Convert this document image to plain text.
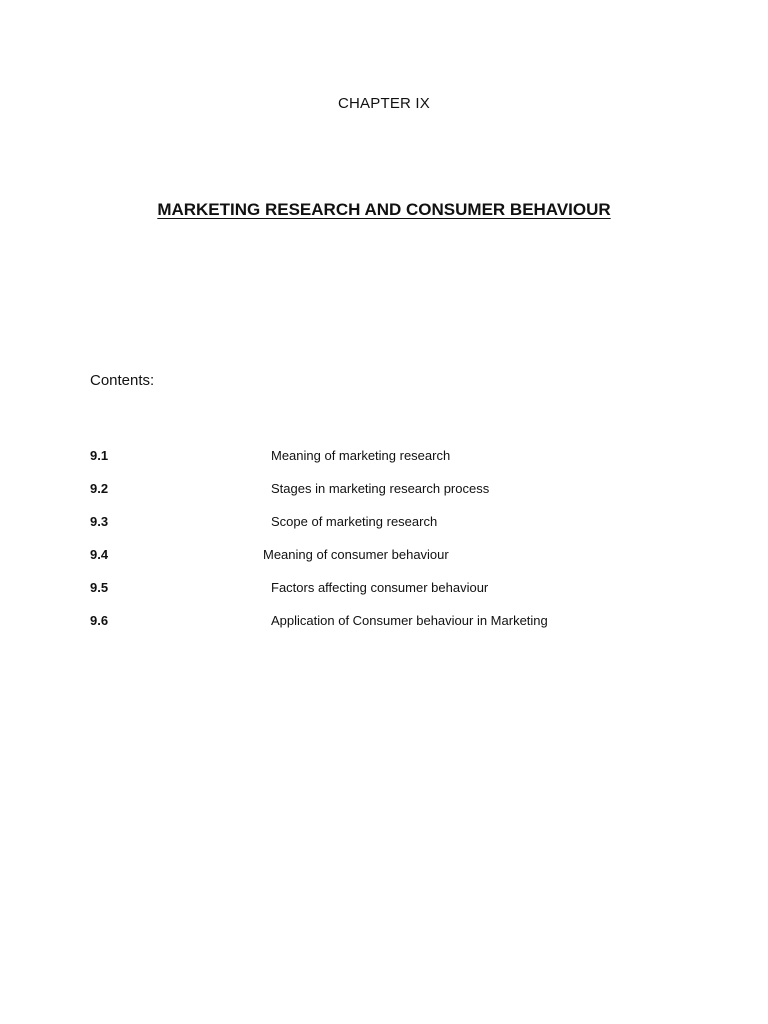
CHAPTER IX
MARKETING RESEARCH AND CONSUMER BEHAVIOUR
Contents:
9.1	Meaning of marketing research
9.2	Stages in marketing research process
9.3	Scope of marketing research
9.4	Meaning of consumer behaviour
9.5	Factors affecting consumer behaviour
9.6	Application of Consumer behaviour in Marketing
